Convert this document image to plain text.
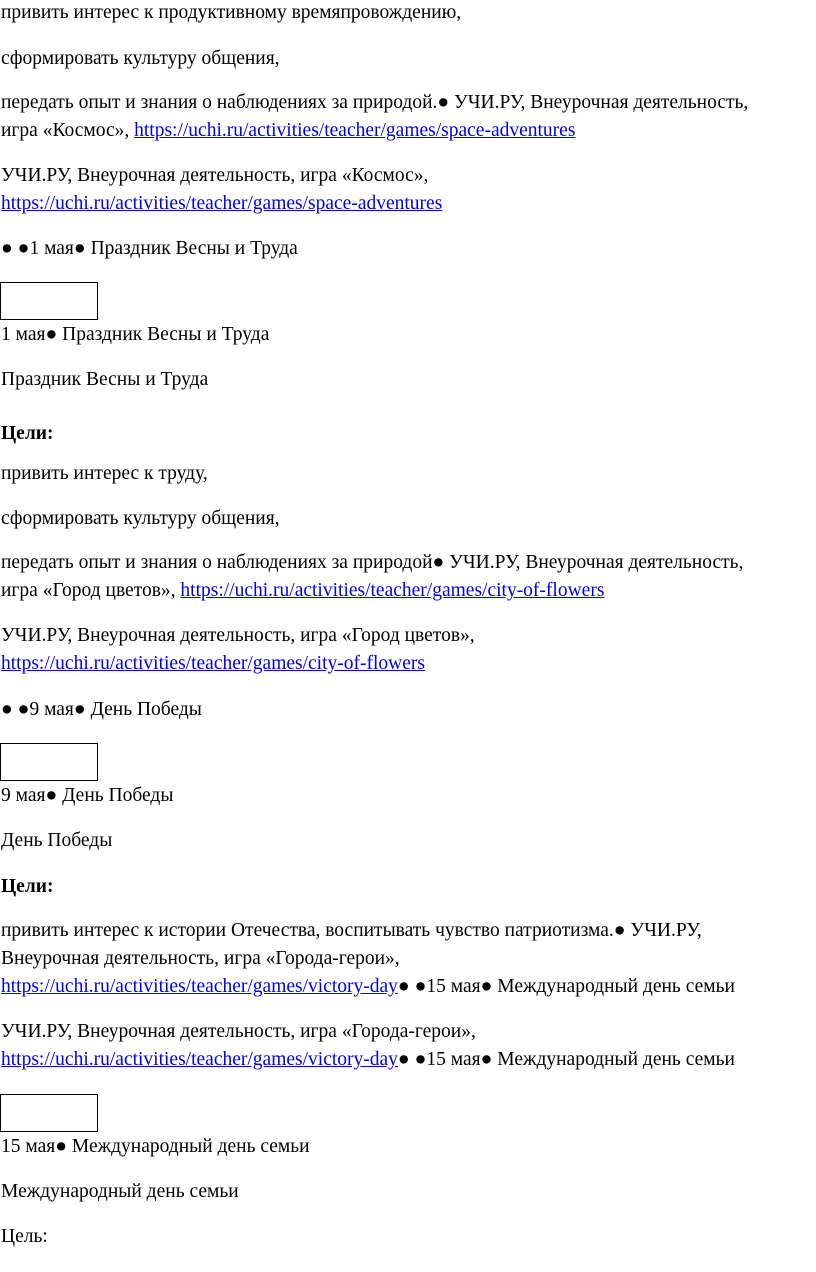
привить интерес к продуктивному времяпровождению,
сформировать культуру общения,
передать опыт и знания о наблюдениях за природой.● УЧИ.РУ, Внеурочная деятельность,
игра «Космос», https://uchi.ru/activities/teacher/games/space-adventures
УЧИ.РУ, Внеурочная деятельность, игра «Космос»,
https://uchi.ru/activities/teacher/games/space-adventures
● ●1 мая● Праздник Весны и Труда
1 мая● Праздник Весны и Труда
Праздник Весны и Труда
Цели:
привить интерес к труду,
сформировать культуру общения,
передать опыт и знания о наблюдениях за природой● УЧИ.РУ, Внеурочная деятельность,
игра «Город цветов», https://uchi.ru/activities/teacher/games/city-of-flowers
УЧИ.РУ, Внеурочная деятельность, игра «Город цветов»,
https://uchi.ru/activities/teacher/games/city-of-flowers
● ●9 мая● День Победы
9 мая● День Победы
День Победы
Цели:
привить интерес к истории Отечества, воспитывать чувство патриотизма.● УЧИ.РУ,
Внеурочная деятельность, игра «Города-герои»,
https://uchi.ru/activities/teacher/games/victory-day● ●15 мая● Международный день семьи
УЧИ.РУ, Внеурочная деятельность, игра «Города-герои»,
https://uchi.ru/activities/teacher/games/victory-day● ●15 мая● Международный день семьи
15 мая● Международный день семьи
Международный день семьи
Цель:
